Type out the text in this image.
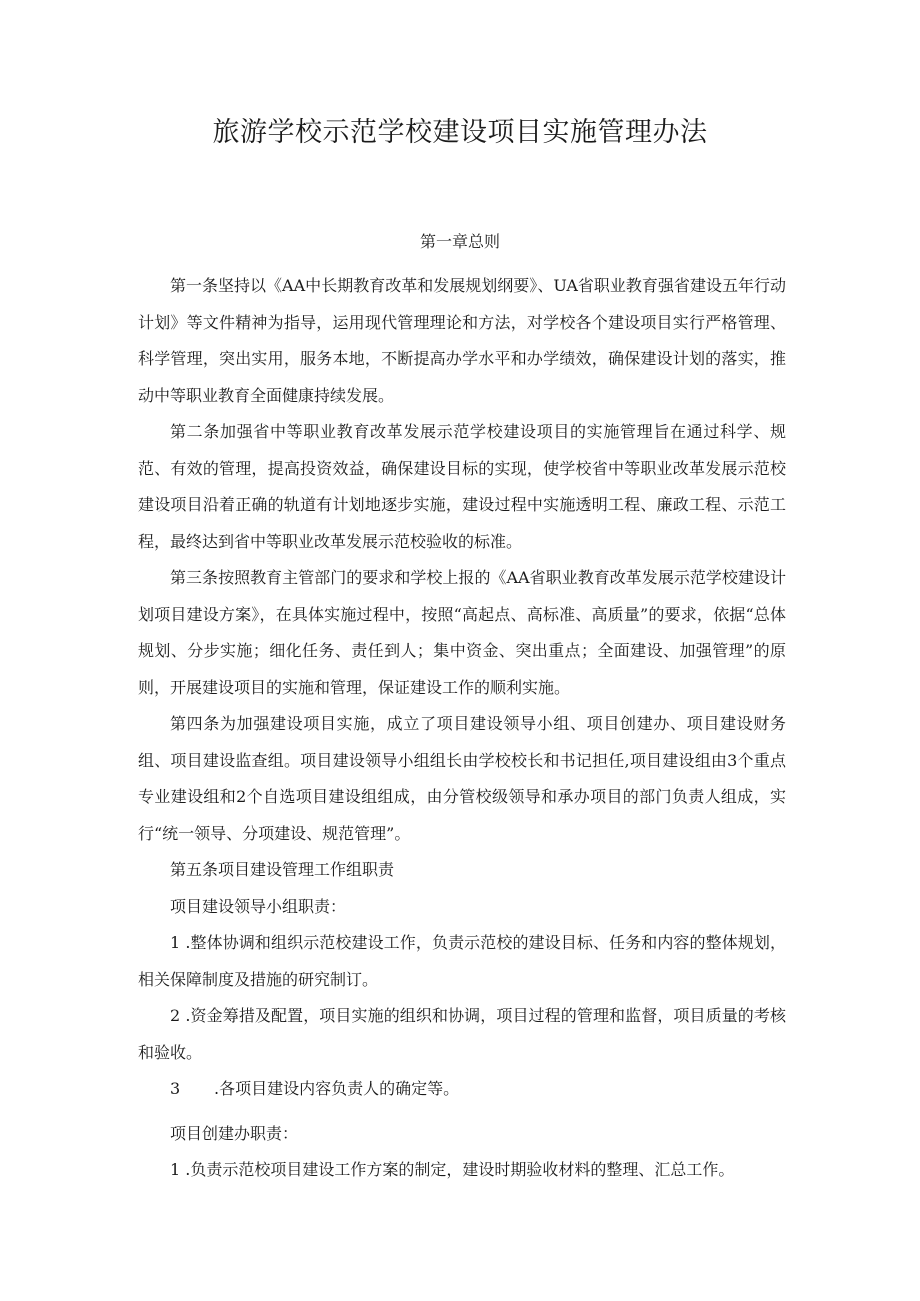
旅游学校示范学校建设项目实施管理办法
第一章总则

第一条坚持以《AA中长期教育改革和发展规划纲要》、UA省职业教育强省建设五年行动计划》等文件精神为指导，运用现代管理理论和方法，对学校各个建设项目实行严格管理、科学管理，突出实用，服务本地，不断提高办学水平和办学绩效，确保建设计划的落实，推动中等职业教育全面健康持续发展。

第二条加强省中等职业教育改革发展示范学校建设项目的实施管理旨在通过科学、规范、有效的管理，提高投资效益，确保建设目标的实现，使学校省中等职业改革发展示范校建设项目沿着正确的轨道有计划地逐步实施，建设过程中实施透明工程、廉政工程、示范工程，最终达到省中等职业改革发展示范校验收的标准。

第三条按照教育主管部门的要求和学校上报的《AA省职业教育改革发展示范学校建设计划项目建设方案》，在具体实施过程中，按照“高起点、高标准、高质量”的要求，依据“总体规划、分步实施；细化任务、责任到人；集中资金、突出重点；全面建设、加强管理”的原则，开展建设项目的实施和管理，保证建设工作的顺利实施。

第四条为加强建设项目实施，成立了项目建设领导小组、项目创建办、项目建设财务组、项目建设监查组。项目建设领导小组组长由学校校长和书记担任,项目建设组由3个重点专业建设组和2个自选项目建设组组成，由分管校级领导和承办项目的部门负责人组成，实行“统一领导、分项建设、规范管理”。

第五条项目建设管理工作组职责

项目建设领导小组职责：

1 .整体协调和组织示范校建设工作，负责示范校的建设目标、任务和内容的整体规划，相关保障制度及措施的研究制订。

2 .资金筹措及配置，项目实施的组织和协调，项目过程的管理和监督，项目质量的考核和验收。

3 .各项目建设内容负责人的确定等。

项目创建办职责：

1 .负责示范校项目建设工作方案的制定，建设时期验收材料的整理、汇总工作。
